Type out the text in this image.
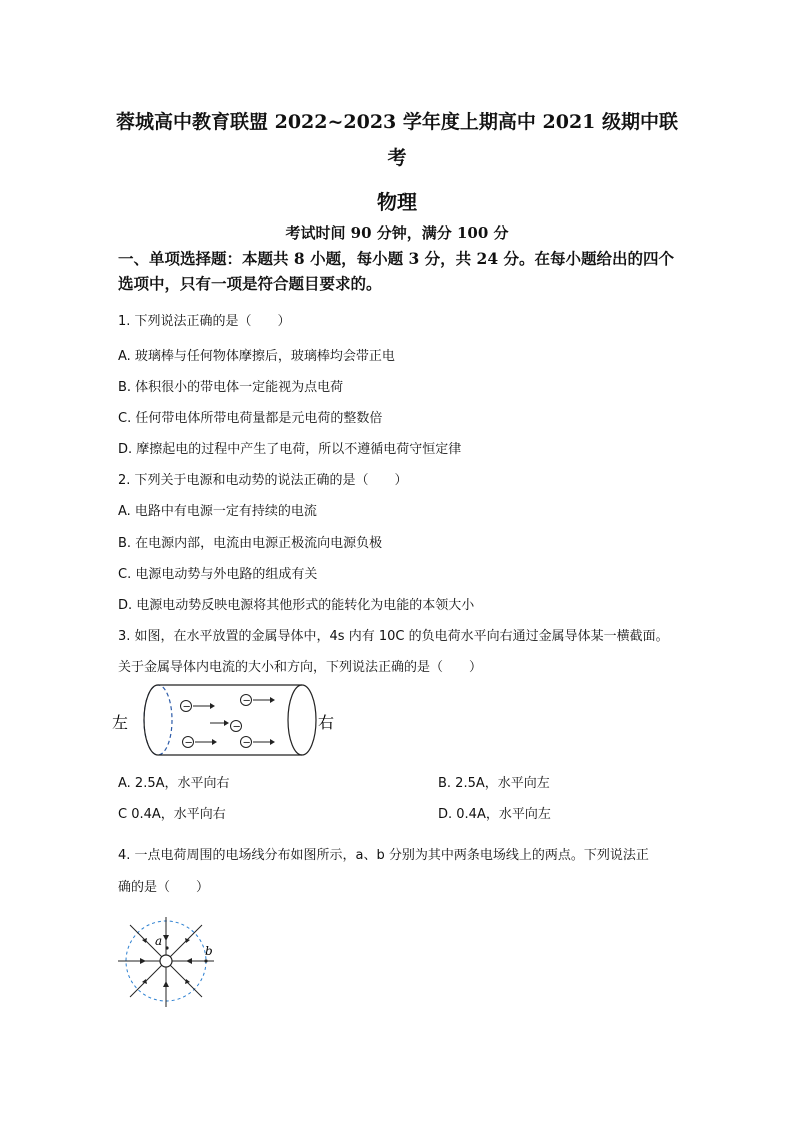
蓉城高中教育联盟 2022~2023 学年度上期高中 2021 级期中联
考
物理
考试时间 90 分钟，满分 100 分
一、单项选择题：本题共 8 小题，每小题 3 分，共 24 分。在每小题给出的四个选项中，只有一项是符合题目要求的。
1. 下列说法正确的是（　　）
A. 玻璃棒与任何物体摩擦后，玻璃棒均会带正电
B. 体积很小的带电体一定能视为点电荷
C. 任何带电体所带电荷量都是元电荷的整数倍
D. 摩擦起电的过程中产生了电荷，所以不遵循电荷守恒定律
2. 下列关于电源和电动势的说法正确的是（　　）
A. 电路中有电源一定有持续的电流
B. 在电源内部，电流由电源正极流向电源负极
C. 电源电动势与外电路的组成有关
D. 电源电动势反映电源将其他形式的能转化为电能的本领大小
3. 如图，在水平放置的金属导体中，4s 内有 10C 的负电荷水平向右通过金属导体某一横截面。
关于金属导体内电流的大小和方向，下列说法正确的是（　　）
左	右
−
−
−
−	−
A. 2.5A，水平向右	B. 2.5A，水平向左
C 0.4A，水平向右	D. 0.4A，水平向左
4. 一点电荷周围的电场线分布如图所示，a、b 分别为其中两条电场线上的两点。下列说法正
确的是（　　）
a
b
